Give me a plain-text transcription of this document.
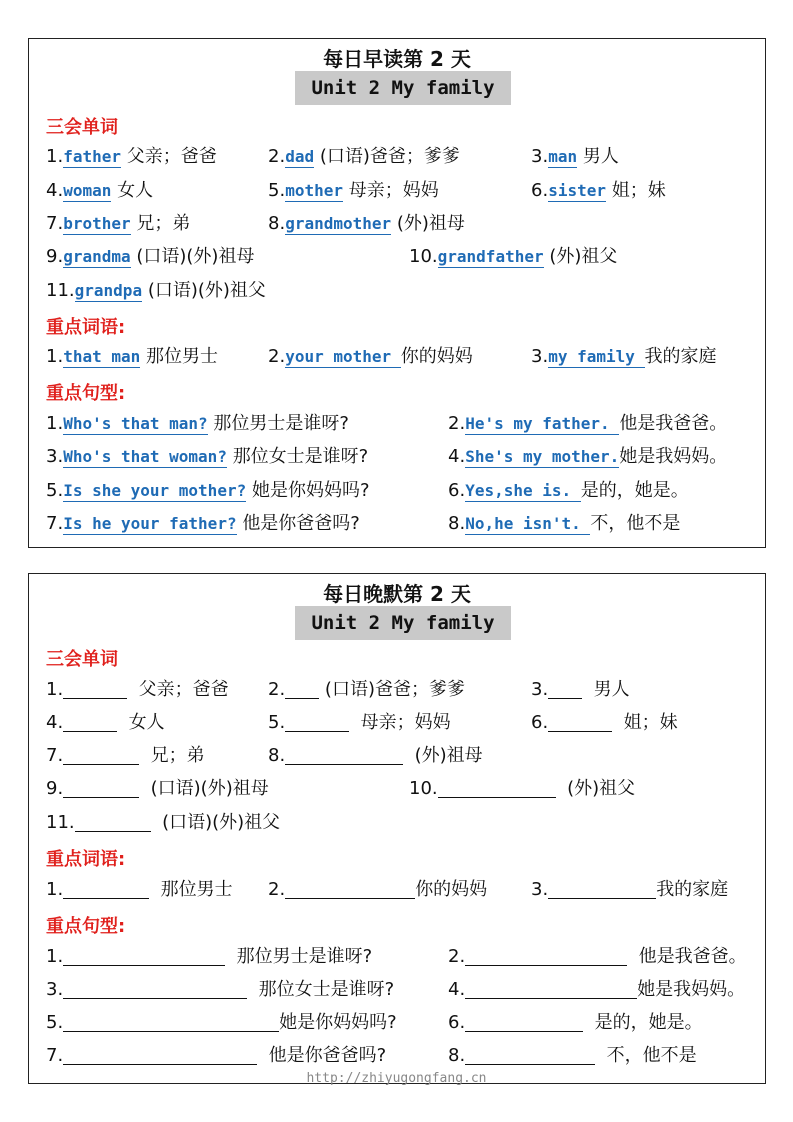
每日早读第 2 天
Unit 2 My family
三会单词
1.father 父亲；爸爸	2.dad (口语)爸爸；爹爹	3.man 男人
4.woman 女人	5.mother 母亲；妈妈	6.sister 姐；妹
7.brother 兄；弟	8.grandmother (外)祖母
9.grandma (口语)(外)祖母	10.grandfather (外)祖父
11.grandpa (口语)(外)祖父
重点词语:
1.that man 那位男士	2.your mother 你的妈妈	3.my family 我的家庭
重点句型:
1.Who's that man? 那位男士是谁呀?	2.He's my father. 他是我爸爸。
3.Who's that woman? 那位女士是谁呀?	4.She's my mother.她是我妈妈。
5.Is she your mother? 她是你妈妈吗?	6.Yes,she is. 是的，她是。
7.Is he your father? 他是你爸爸吗?	8.No,he isn't. 不，他不是
每日晚默第 2 天
Unit 2 My family
三会单词
1.	父亲；爸爸 2. (口语)爸爸；爹爹	3.	男人
4.	女人	5.	母亲；妈妈	6.	姐；妹
7.	兄；弟	8.	(外)祖母
9.	(口语)(外)祖母	10.	(外)祖父
11.	(口语)(外)祖父
重点词语:
1.	那位男士 2.	你的妈妈 3.	我的家庭
重点句型:
1.	那位男士是谁呀?	2.	他是我爸爸。
3.	那位女士是谁呀?	4.	她是我妈妈。
5.	她是你妈妈吗?	6.	是的，她是。
7.	他是你爸爸吗?	8.	不，他不是
http://zhiyugongfang.cn
